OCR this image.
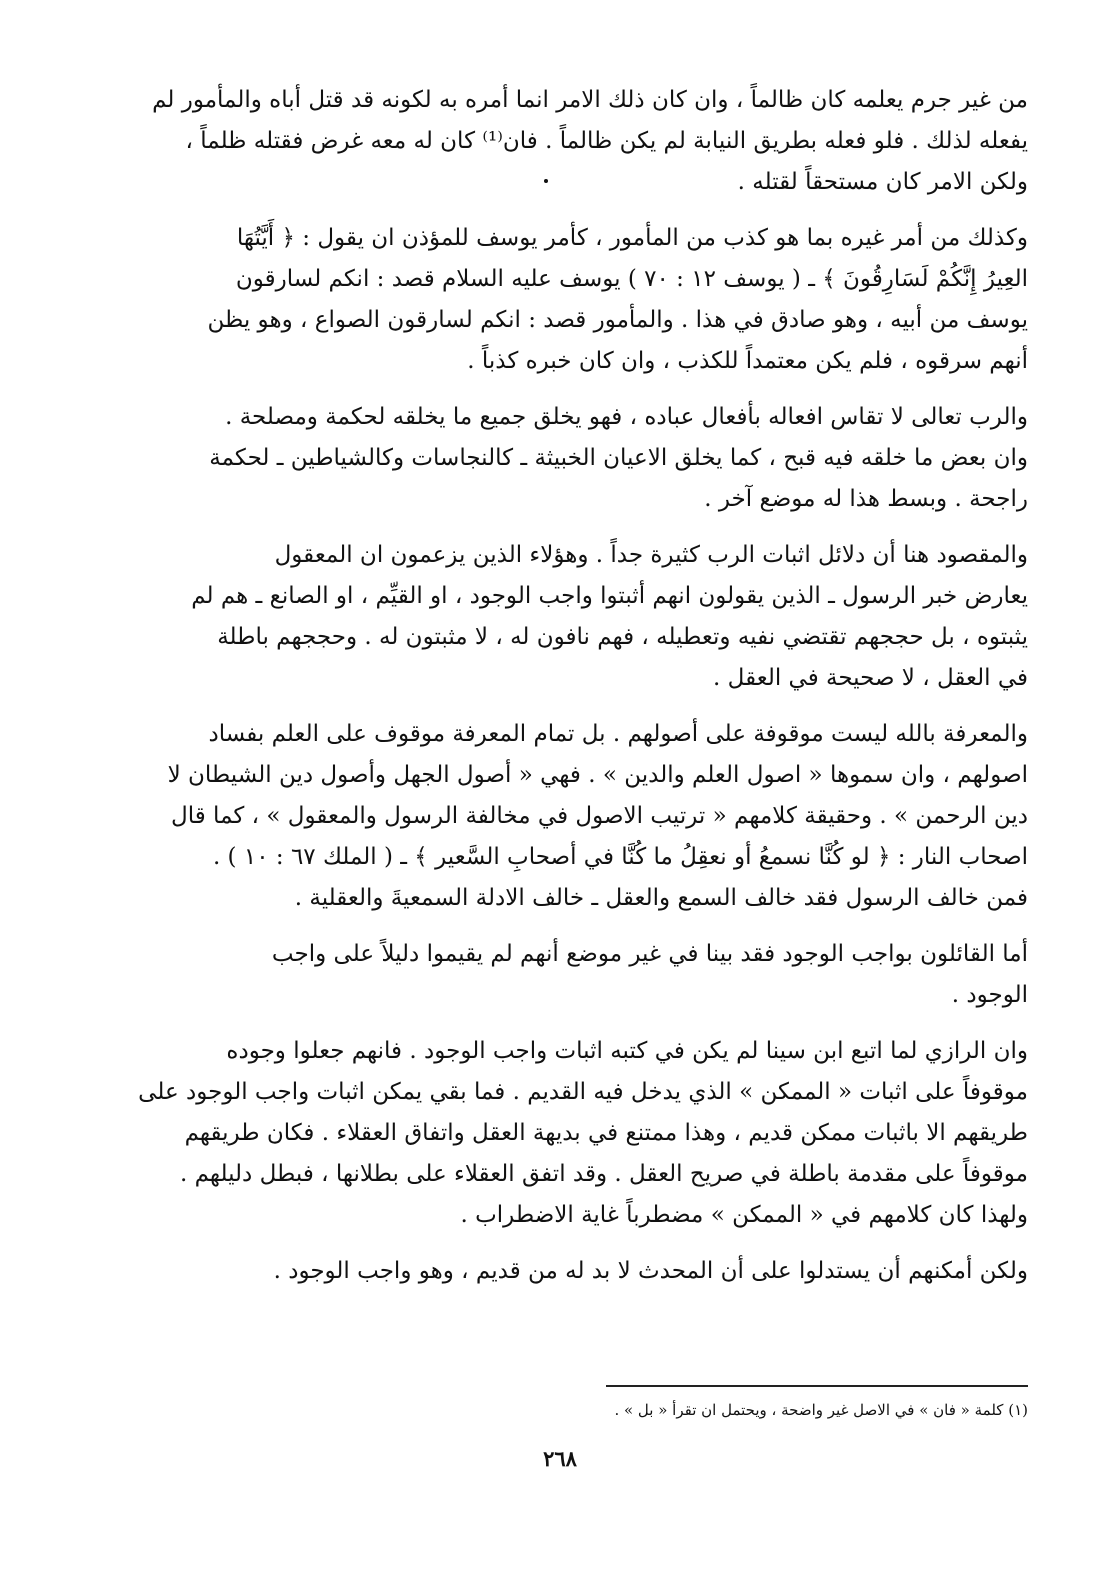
من غير جرم يعلمه كان ظالماً ، وان كان ذلك الامر انما أمره به لكونه قد قتل أباه والمأمور لم
يفعله لذلك . فلو فعله بطريق النيابة لم يكن ظالماً . فان⁽¹⁾ كان له معه غرض فقتله ظلماً ،
ولكن الامر كان مستحقاً لقتله .

وكذلك من أمر غيره بما هو كذب من المأمور ، كأمر يوسف للمؤذن ان يقول : ﴿ أَيَّتُهَا
العِيرُ إِنَّكُمْ لَسَارِقُونَ ﴾ ـ ( يوسف ١٢ : ٧٠ ) يوسف عليه السلام قصد : انكم لسارقون
يوسف من أبيه ، وهو صادق في هذا . والمأمور قصد : انكم لسارقون الصواع ، وهو يظن
أنهم سرقوه ، فلم يكن معتمداً للكذب ، وان كان خبره كذباً .

والرب تعالى لا تقاس افعاله بأفعال عباده ، فهو يخلق جميع ما يخلقه لحكمة ومصلحة .
وان بعض ما خلقه فيه قبح ، كما يخلق الاعيان الخبيثة ـ كالنجاسات وكالشياطين ـ لحكمة
راجحة . وبسط هذا له موضع آخر .

والمقصود هنا أن دلائل اثبات الرب كثيرة جداً . وهؤلاء الذين يزعمون ان المعقول
يعارض خبر الرسول ـ الذين يقولون انهم أثبتوا واجب الوجود ، او القيِّم ، او الصانع ـ هم لم
يثبتوه ، بل حججهم تقتضي نفيه وتعطيله ، فهم نافون له ، لا مثبتون له . وحججهم باطلة
في العقل ، لا صحيحة في العقل .

والمعرفة بالله ليست موقوفة على أصولهم . بل تمام المعرفة موقوف على العلم بفساد
اصولهم ، وان سموها « اصول العلم والدين » . فهي « أصول الجهل وأصول دين الشيطان لا
دين الرحمن » . وحقيقة كلامهم « ترتيب الاصول في مخالفة الرسول والمعقول » ، كما قال
اصحاب النار : ﴿ لو كُنَّا نسمعُ أو نعقِلُ ما كُنَّا في أصحابِ السَّعير ﴾ ـ ( الملك ٦٧ : ١٠ ) .
فمن خالف الرسول فقد خالف السمع والعقل ـ خالف الادلة السمعيةَ والعقلية .

أما القائلون بواجب الوجود فقد بينا في غير موضع أنهم لم يقيموا دليلاً على واجب
الوجود .

وان الرازي لما اتبع ابن سينا لم يكن في كتبه اثبات واجب الوجود . فانهم جعلوا وجوده
موقوفاً على اثبات « الممكن » الذي يدخل فيه القديم . فما بقي يمكن اثبات واجب الوجود على
طريقهم الا باثبات ممكن قديم ، وهذا ممتنع في بديهة العقل واتفاق العقلاء . فكان طريقهم
موقوفاً على مقدمة باطلة في صريح العقل . وقد اتفق العقلاء على بطلانها ، فبطل دليلهم .
ولهذا كان كلامهم في « الممكن » مضطرباً غاية الاضطراب .

ولكن أمكنهم أن يستدلوا على أن المحدث لا بد له من قديم ، وهو واجب الوجود .

(١) كلمة « فان » في الاصل غير واضحة ، ويحتمل ان تقرأ « بل » .
٢٦٨
